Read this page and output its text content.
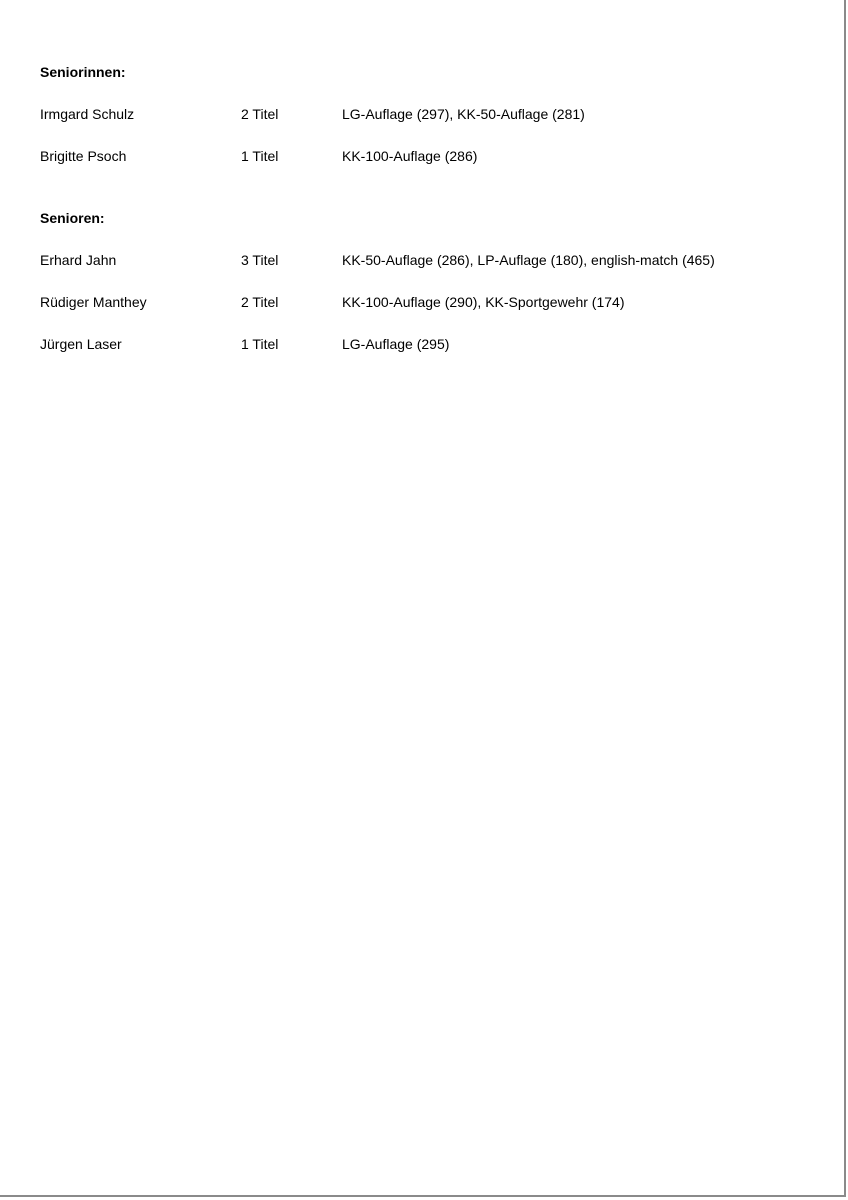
Seniorinnen:
Irmgard Schulz	2 Titel	LG-Auflage (297), KK-50-Auflage (281)
Brigitte Psoch	1 Titel	KK-100-Auflage (286)
Senioren:
Erhard Jahn	3 Titel	KK-50-Auflage (286), LP-Auflage (180), english-match (465)
Rüdiger Manthey	2 Titel	KK-100-Auflage (290), KK-Sportgewehr (174)
Jürgen Laser	1 Titel	LG-Auflage (295)
